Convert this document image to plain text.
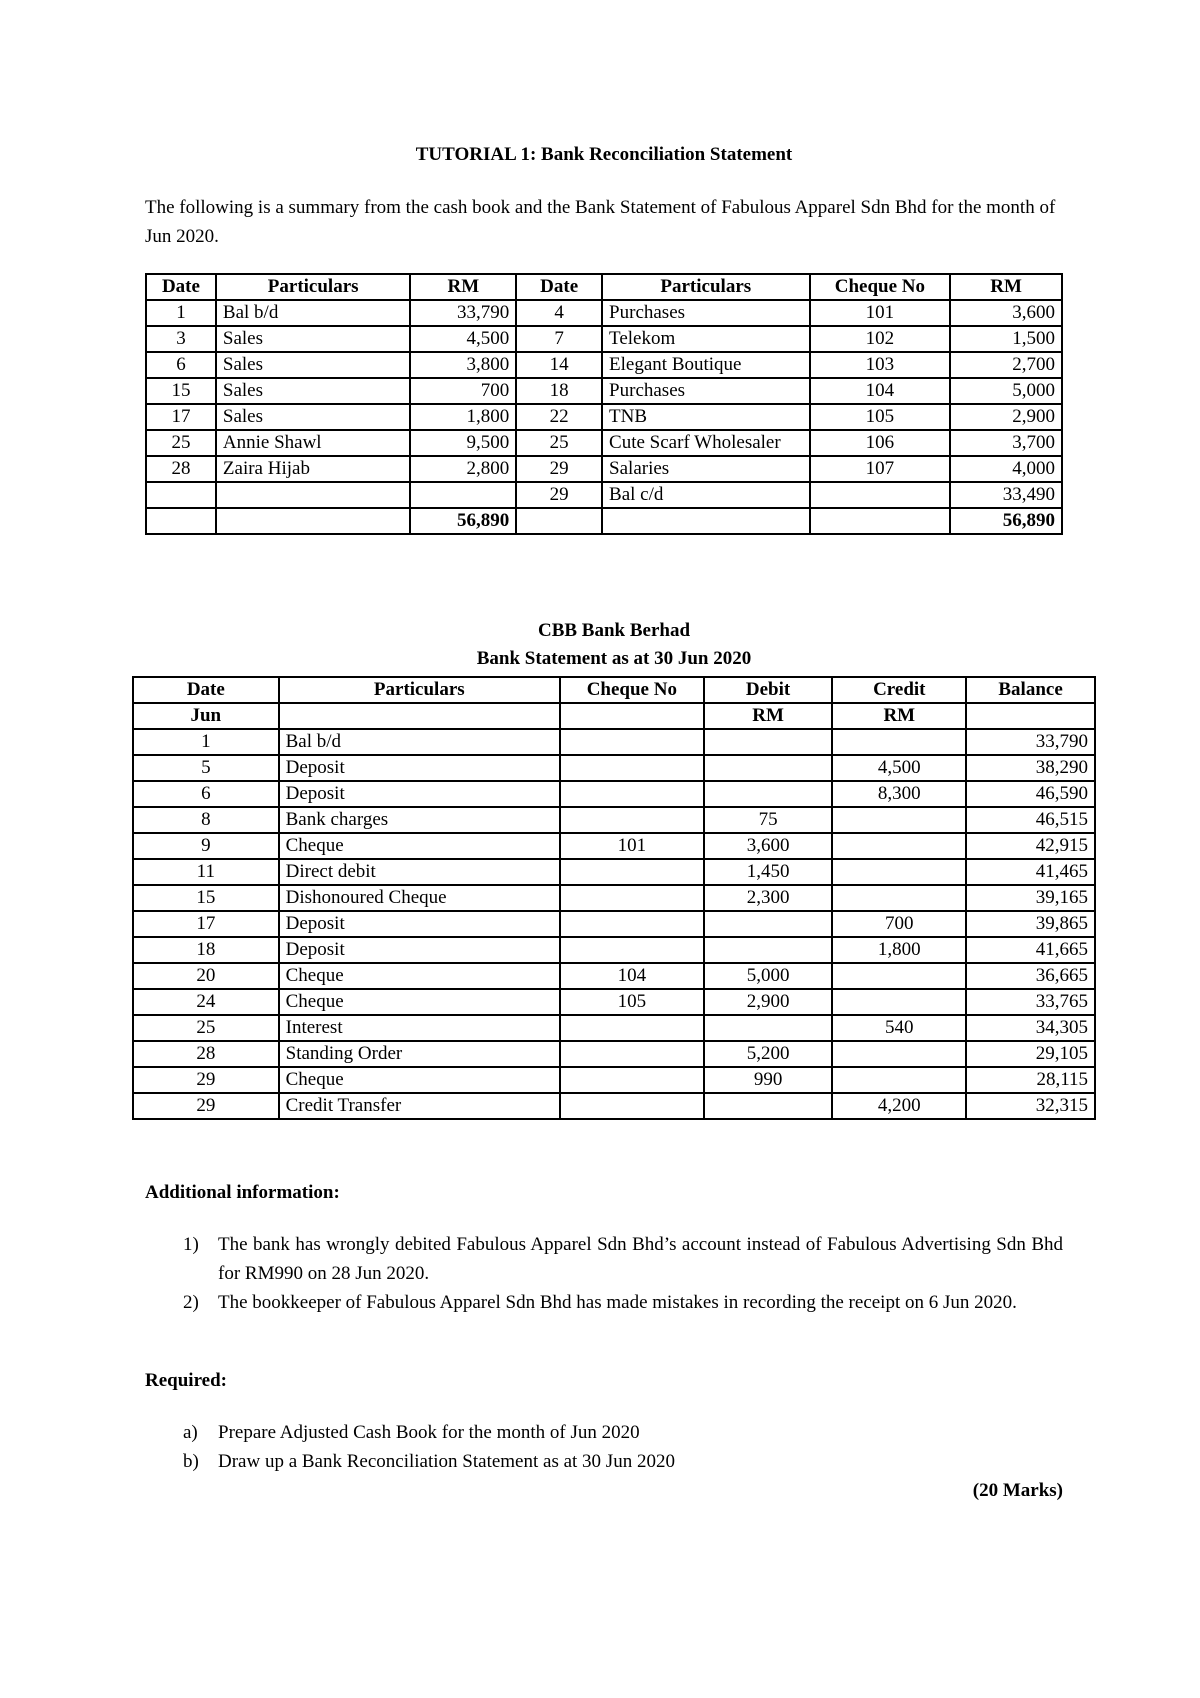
TUTORIAL 1: Bank Reconciliation Statement
The following is a summary from the cash book and the Bank Statement of Fabulous Apparel Sdn Bhd for the month of Jun 2020.
Date	Particulars	RM	Date	Particulars	Cheque No	RM
1	Bal b/d	33,790	4	Purchases	101	3,600
3	Sales	4,500	7	Telekom	102	1,500
6	Sales	3,800	14	Elegant Boutique	103	2,700
15	Sales	700	18	Purchases	104	5,000
17	Sales	1,800	22	TNB	105	2,900
25	Annie Shawl	9,500	25	Cute Scarf Wholesaler	106	3,700
28	Zaira Hijab	2,800	29	Salaries	107	4,000
			29	Bal c/d		33,490
		56,890				56,890
CBB Bank Berhad
Bank Statement as at 30 Jun 2020
Date	Particulars	Cheque No	Debit	Credit	Balance
Jun			RM	RM	
1	Bal b/d				33,790
5	Deposit			4,500	38,290
6	Deposit			8,300	46,590
8	Bank charges		75		46,515
9	Cheque	101	3,600		42,915
11	Direct debit		1,450		41,465
15	Dishonoured Cheque		2,300		39,165
17	Deposit			700	39,865
18	Deposit			1,800	41,665
20	Cheque	104	5,000		36,665
24	Cheque	105	2,900		33,765
25	Interest			540	34,305
28	Standing Order		5,200		29,105
29	Cheque		990		28,115
29	Credit Transfer			4,200	32,315
Additional information:
1) The bank has wrongly debited Fabulous Apparel Sdn Bhd’s account instead of Fabulous Advertising Sdn Bhd for RM990 on 28 Jun 2020.
2) The bookkeeper of Fabulous Apparel Sdn Bhd has made mistakes in recording the receipt on 6 Jun 2020.
Required:
a) Prepare Adjusted Cash Book for the month of Jun 2020
b) Draw up a Bank Reconciliation Statement as at 30 Jun 2020
(20 Marks)
